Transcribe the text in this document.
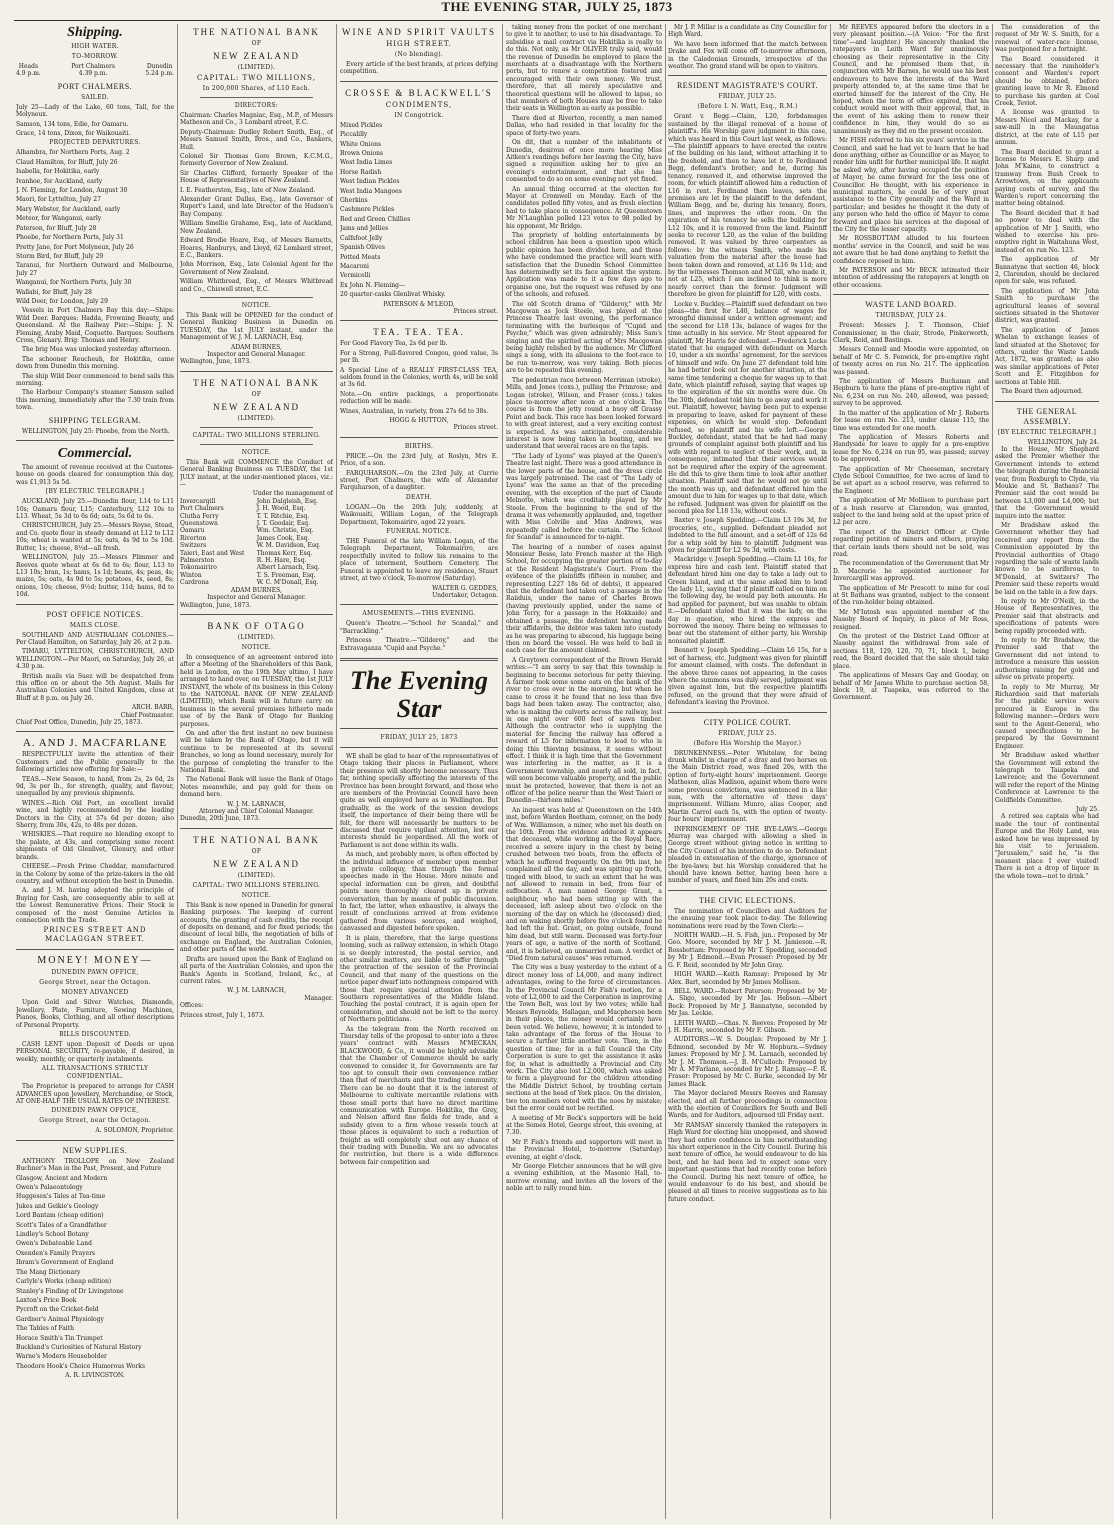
THE EVENING STAR, JULY 25, 1873
Shipping.
HIGH WATER.
TO-MORROW.
Heads
4.9 p.m.
Port Chalmers
4.39 p.m.
Dunedin
5.24 p.m.
PORT CHALMERS.
SAILED.
July 25—Lady of the Lake, 60 tons, Tall, for the Molyneux.
Samson, 134 tons, Edie, for Oamaru.
Grace, 14 tons, Dixon, for Waikouaiti.
PROJECTED DEPARTURES.
Alhambra, for Northern Ports, Aug. 2
Claud Hamilton, for Bluff, July 26
Isabella, for Hokitika, early
Ivanhoe, for Auckland, early
J. N. Fleming, for London, August 30
Maori, for Lyttelton, July 27
Mary Webster, for Auckland, early
Meteor, for Wanganui, early
Paterson, for Bluff, July 28
Phoebe, for Northern Ports, July 31
Pretty Jane, for Port Molyneux, July 26
Storm Bird, for Bluff, July 29
Taranui, for Northern Outward and Melbourne, July 27
Wanganui, for Northern Ports, July 30
Wallabi, for Bluff, July 28
Wild Deer, for London, July 29
Vessels in Port Chalmers Bay this day:—Ships: Wild Deer. Barques: Hadda, Frowning Beauty, and Queensland. At the Railway Pier:—Ships: J. N. Fleming, Araby Maid, Coquette. Barques: Southern Cross, Glenary. Brig: Thomas and Henry.
The brig Mea was unlocked yesterday afternoon.
The schooner Reucheuh, for Hokitika, came down from Dunedin this morning.
The ship Wild Deer commenced to bend sails this morning.
The Harbour Company's steamer Samson sailed this morning, immediately after the 7.30 train from town.
SHIPPING TELEGRAM.
WELLINGTON, July 25: Phoebe, from the North.
Commercial.
The amount of revenue received at the Customs-house on goods cleared for consumption this day, was £1,913 5s 5d.
[BY ELECTRIC TELEGRAPH.]
AUCKLAND, July 25.—Dunedin flour, L14 to L11 10s; Oamaru flour, L15; Canterbury, L12 10s to L13. Wheat, 5s 3d to 6s 6d; oats, 5s 6d to 6s.
CHRISTCHURCH, July 25.—Messrs Royse, Stead, and Co. quote flour in steady demand at L12 to L12 10s; wheat is wanted at 5s; oats, 4s 9d to 5s 10d. Butter, 1s; cheese, 8½d—all fresh.
WELLINGTON, July 25.—Messrs Plimmer and Reeves quote wheat at 6s 6d to 6s; flour, L13 to L13 10s; bran, 1s; hams, 1s 1d; beans, 4s; peas, 4s; maize, 5s; oats, 4s 9d to 5s; potatoes, 4s, seed, 8s; onions, 10s; cheese, 9½d; butter, 11d; hams, 8d to 10d.
POST OFFICE NOTICES.
MAILS CLOSE.
SOUTHLAND AND AUSTRALIAN COLONIES.—Per Claud Hamilton, on Saturday, July 26, at 2 p.m.
TIMARU, LYTTELTON, CHRISTCHURCH, AND WELLINGTON.—Per Maori, on Saturday, July 26, at 4.30 p.m.
British mails via Suez will be despatched from this office on or about the 5th August. Mails for Australian Colonies and United Kingdom, close at Bluff at 8 p.m. on July 26.
ARCH. BARR,
Chief Postmaster.
Chief Post Office, Dunedin, July 25, 1873.
A. AND J. MACFARLANE
RESPECTFULLY invite the attention of their Customers and the Public generally to the following articles now offering for Sale:—
TEAS.—New Season, to hand, from 2s, 2s 6d, 2s 9d, 3s per lb., for strength, quality, and flavour, unequalled by any previous shipments.
WINES.—Rich Old Port, an excellent invalid wine, and highly recommended by the leading Doctors in the City, at 57s 6d per dozen; also Sherry, from 30s, 42s, to 48s per dozen.
WHISKIES.—That require no blending except to the palate, at 43s, and comprising some recent shipments of Old Glenlivet, Glenury, and other brands.
CHEESE.—Fresh Prime Cheddar, manufactured in the Colony by some of the prize-takers in the old country, and without exception the best in Dunedin.
A. and J. M. having adopted the principle of Buying for Cash, are consequently able to sell at the Lowest Remunerative Prices. Their Stock is composed of the most Genuine Articles in connection with the Trade.
PRINCES STREET AND MACLAGGAN STREET.
MONEY! MONEY—
DUNEDIN PAWN OFFICE,
George Street, near the Octagon.
MONEY ADVANCED
Upon Gold and Silver Watches, Diamonds, Jewellery, Plate, Furniture, Sewing Machines, Pianos, Books, Clothing, and all other descriptions of Personal Property.
BILLS DISCOUNTED.
CASH LENT upon Deposit of Deeds or upon PERSONAL SECURITY, re-payable, if desired, in weekly, monthly, or quarterly instalments.
ALL TRANSACTIONS STRICTLY CONFIDENTIAL.
The Proprietor is prepared to arrange for CASH ADVANCES upon Jewellery, Merchandise, or Stock, AT ONE-HALF THE USUAL RATES OF INTEREST.
DUNEDIN PAWN OFFICE,
George Street, near the Octagon.
A. SOLOMON, Proprietor.
NEW SUPPLIES.
ANTHONY TROLLOPE on New Zealand Buchner's Man in the Past, Present, and Future
Glasgow, Ancient and Modern
Owen's Palaeontology
Huggesen's Tales at Tea-time
Jukes and Geikie's Geology
Lord Bantam (cheap edition)
Scott's Tales of a Grandfather
Lindley's School Botany
Owen's Debateable Land
Oxenden's Family Prayers
Ibram's Government of England
The Mang Dictionary
Carlyle's Works (cheap edition)
Stanley's Finding of Dr Livingstone
Laxton's Price Book
Pycroft on the Cricket-field
Gardner's Animal Physiology
The Tables of Faith
Horace Smith's Tin Trumpet
Buckland's Curiosities of Natural History
Warne's Modern Householder
Theodore Hook's Choice Humorous Works
A. R. LIVINGSTON.
THE NATIONAL BANK
OF
NEW ZEALAND
(LIMITED).
CAPITAL: TWO MILLIONS,
In 200,000 Shares, of L10 Each.
DIRECTORS:
Chairman: Charles Magniac, Esq., M.P., of Messrs Matheson and Co., 3 Lombard street, E.C.
Deputy-Chairman: Dudley Robert Smith, Esq., of Messrs Samuel Smith, Bros., and Co., Bankers, Hull.
Colonel Sir Thomas Gore Brown, K.C.M.G., formerly Governor of New Zealand.
Sir Charles Clifford, formerly Speaker of the House of Representatives of New Zealand.
I. E. Featherston, Esq., late of New Zealand.
Alexander Grant Dallas, Esq., late Governor of Rupert's Land, and late Director of the Hudson's Bay Company.
William Smellie Grahame, Esq., late of Auckland, New Zealand.
Edward Brodie Hoare, Esq., of Messrs Barnetts, Hoares, Hanburys, and Lloyd, 62 Lombard street, E.C., Bankers.
John Morrison, Esq., late Colonial Agent for the Government of New Zealand.
William Whitbread, Esq., of Messrs Whitbread and Co., Chiswell street, E.C.
NOTICE.
This Bank will be OPENED for the conduct of General Banking Business in Dunedin on TUESDAY, the 1st JULY instant, under the Management of W. J. M. LARNACH, Esq.
ADAM BURNES,
Inspector and General Manager.
Wellington, June, 1873.
THE NATIONAL BANK
OF
NEW ZEALAND
(LIMITED).
CAPITAL: TWO MILLIONS STERLING.
NOTICE.
This Bank will COMMENCE the Conduct of General Banking Business on TUESDAY, the 1st JULY instant, at the under-mentioned places, viz.:—
Under the management of
Invercargill	John Dalgleish, Esq.
Port Chalmers	J. H. Wood, Esq.
Clutha Ferry	T. T. Ritchie, Esq.
Queenstown	J. T. Goodair, Esq.
Oamaru	Wm. Christie, Esq.
Riverton	James Cook, Esq.
Switzers	W. M. Davidson, Esq.
Taieri, East and West	Thomas Kerr, Esq.
Palmerston	R. H. Hare, Esq.
Tokomairiro	Albert Larnach, Esq.
Winton	T. S. Freeman, Esq.
Cardrona	W. C. M'Donall, Esq.
ADAM BURNES,
Inspector and General Manager.
Wellington, June, 1873.
BANK OF OTAGO
(LIMITED).
NOTICE.
In consequence of an agreement entered into after a Meeting of the Shareholders of this Bank, held in London, on the 19th May ultimo, I have arranged to hand over, on TUESDAY, the 1st JULY INSTANT, the whole of its business in this Colony to the NATIONAL BANK OF NEW ZEALAND (LIMITED), which Bank will in future carry on business in the several premises hitherto made use of by the Bank of Otago for Banking purposes.
On and after the first instant no new business will be taken by the Bank of Otago, but it will continue to be represented at its several Branches, so long as found necessary, merely for the purpose of completing the transfer to the National Bank.
The National Bank will issue the Bank of Otago Notes meanwhile, and pay gold for them on demand here.
W. J. M. LARNACH,
Attorney and Chief Colonial Manager.
Dunedin, 20th June, 1873.
THE NATIONAL BANK
OF
NEW ZEALAND
(LIMITED).
CAPITAL: TWO MILLIONS STERLING.
NOTICE.
This Bank is now opened in Dunedin for general Banking purposes. The keeping of current accounts, the granting of cash credits, the receipt of deposits on demand, and for fixed periods; the discount of local bills, the negotiation of bills of exchange on England, the Australian Colonies, and other parts of the world.
Drafts are issued upon the Bank of England on all parts of the Australian Colonies, and upon the Bank's Agents in Scotland, Ireland, &c., at current rates.
W. J. M. LARNACH,
Manager.
Offices:
Princes street, July 1, 1873.
WINE AND SPIRIT VAULTS
HIGH STREET.
(No blending).
Every article of the best brands, at prices defying competition.
CROSSE & BLACKWELL'S
CONDIMENTS,
IN Congotrick.
Mixed Pickles
Piccalilly
White Onions
Brown Onions
West India Limes
Horse Radish
West Indian Pickles
West India Mangoes
Gherkins
Cashmere Pickles
Red and Green Chillies
Jams and Jellies
Calfsfoot Jelly
Spanish Olives
Potted Meats
Macaroni
Vermicelli
Ex John N. Fleming—
20 quarter-casks Glenlivat Whisky.
PATERSON & M'LEOD,
Princes street.
TEA. TEA. TEA.
For Good Flavory Tea, 2s 6d per lb.
For a Strong, Full-flavored Congou, good value, 3s per lb.
A Special Line of a REALLY FIRST-CLASS TEA, seldom found in the Colonies, worth 4s, will be sold at 3s 6d.
Note.—On entire packings, a proportionate reduction will be made.
Wines, Australian, in variety, from 27s 6d to 38s.
HOGG & HUTTON,
Princes street.
BIRTHS.
PRICE.—On the 23rd July, at Roslyn, Mrs E. Price, of a son.
FARQUHARSON.—On the 23rd July, at Currie street, Port Chalmers, the wife of Alexander Farquharson, of a daughter.
DEATH.
LOGAN.—On the 20th July, suddenly, at Waikouaiti, William Logan, of the Telegraph Department, Tokomairiro, aged 22 years.
FUNERAL NOTICE.
THE Funeral of the late William Logan, of the Telegraph Department, Tokomairiro, are respectfully invited to follow his remains to the place of interment, Southern Cemetery. The Funeral is appointed to leave my residence, Stuart street, at two o'clock, To-morrow (Saturday).
WALTER G. GEDDES,
Undertaker, Octagon.
AMUSEMENTS.—THIS EVENING.
Queen's Theatre.—"School for Scandal," and "Barrackling."
Princess Theatre.—"Gilderoy," and the Extravaganza "Cupid and Psyche."
The Evening Star
FRIDAY, JULY 25, 1873
WE shall be glad to hear of the representatives of Otago taking their places in Parliament, where their presence will shortly become necessary. Thus far, nothing specially affecting the interests of the Province has been brought forward, and those who are members of the Provincial Council have been quite as well employed here as in Wellington. But gradually, as the work of the session develops itself, the importance of their being there will be felt, for there will necessarily be matters to be discussed that require vigilant attention, lest our interests should be jeopardised. All the work of Parliament is not done within its walls.
As much, and probably more, is often effected by the individual influence of member upon member in private colloquy, than through the formal speeches made in the House. More minute and special information can be given, and doubtful points more thoroughly cleared up in private conversation, than by means of public discussion. In fact, the latter, when exhaustive, is always the result of conclusions arrived at from evidence gathered from various sources, and weighed, canvassed and digested before spoken.
It is plain, therefore, that the large questions looming, such as railway extension, in which Otago is so deeply interested, the postal service, and other similar matters, are liable to suffer through the protraction of the session of the Provincial Council, and that many of the questions on the notice paper dwarf into nothingness compared with those that require special attention from the Southern representatives of the Middle Island. Touching the postal contract, it is again open for consideration, and should not be left to the mercy of Northern politicians.
As the telegram from the North received on Thursday tells of the proposal to enter into a three years' contract with Messrs M'MECKAN, BLACKWOOD, & Co., it would be highly advisable that the Chamber of Commerce should be early convened to consider it, for Governments are far too apt to consult their own convenience rather than that of merchants and the trading community. There can be no doubt that it is the interest of Melbourne to cultivate mercantile relations with those small ports that have no direct maritime communication with Europe. Hokitika, the Grey, and Nelson afford fine fields for trade, and a subsidy given to a firm whose vessels touch at those places is equivalent to such a reduction of freight as will completely shut out any chance of their trading with Dunedin. We are no advocates for restriction, but there is a wide difference between fair competition and
taking money from the pocket of one merchant to give it to another, to use to his disadvantage. To subsidise a mail contract via Hokitika is really to do this. Not only, as Mr OLIVER truly said, would the revenue of Dunedin be employed to place the merchants at a disadvantage with the Northern ports, but to renew a competition fostered and encouraged with their own money. We trust, therefore, that all merely speculative and theoretical questions will be allowed to lapse, so that members of both Houses may be free to take their seats in Wellington as early as possible.
There died at Riverton, recently, a man named Dallas, who had resided in that locality for the space of forty-two years.
On dit, that a number of the inhabitants of Dunedin, desirous of once more hearing Miss Aitken's readings before her leaving the City, have signed a requisition asking her to give an evening's entertainment, and that she has consented to do so on some evening not yet fixed.
An annual thing occurred at the election for Mayor at Cromwell on Monday. Each of the candidates polled fifty votes, and as fresh election had to take place in consequence. At Queenstown Mr N'Laughlan polled 123 votes to 98 polled by his opponent, Mr Bridge.
The propriety of holding entertainments by school children has been a question upon which public opinion has been divided here, and those who have condemned the practice will learn with satisfaction that the Dunedin School Committee has determinedly set its face against the system. Application was made to it a few days ago to organise one, but the request was refused by one of the schools, and refused.
The old Scotch drama of "Gilderoy," with Mr Macgowan as Jock Steele, was played at the Princess Theatre last evening, the performance terminating with the burlesque of "Cupid and Psyche," which was given admirably; Miss Sam's singing and the spirited acting of Mrs Macgowan being highly relished by the audience. Mr Clifford sings a song, with its allusions to the foot-race to be run to-morrow, was very taking. Both pieces are to be repeated this evening.
The pedestrian race between Merriman (stroke), Mills, and Jones (coxs.), pulling the Primrose; and Logan (stroke), Wilson, and Fraser (coxs.) takes place to-morrow after noon at one o'clock. The course is from the jetty round a buoy off Grassy Point and back. This race has been looked forward to with great interest, and a very exciting contest is expected. As was anticipated, considerable interest is now being taken in boating, and we understand that several races are on the tapis.
"The Lady of Lyons" was played at the Queen's Theatre last night. There was a good attendance in the lower parts of the house, and the dress circle was largely patronised. The cast of "The Lady of Lyons" was the same as that of the preceding evening, with the exception of the part of Claude Melnotte, which was creditably played by Mr Steele. From the beginning to the end of the drama it was vehemently applauded, and, together with Miss Colville and Miss Andrews, was repeatedly called before the curtain. "The School for Scandal" is announced for to-night.
The hearing of a number of cases against Monsieur Besse, late French master at the High School, for occupying the greater portion of to-day at the Resident Magistrate's Court. From the evidence of the plaintiffs (fifteen in number, and representing L227 18s 6d of debts), it appeared that the defendant had taken out a passage in the Raiiduis, under the name of Charles Brown (having previously applied, under the name of John Terry, for a passage in the Hokkaido) and obtained a passage, the defendant having made their affidavits, the debtor was taken into custody as he was preparing to abscond, his luggage being then on board the vessel. He was held to bail in each case for the amount claimed.
A Greytown correspondent of the Brown Herald writes:—"I am sorry to say that this township is beginning to become notorious for petty thieving. A farmer took some some oats on the bank of the river to cross over in the morning, but when he came to cross it he found that no less than five bags had been taken away. The contractor, also, who is making the culverts across the railway, lost in one night over 600 feet of sawn timber. Although the contractor who is supplying the material for fencing the railway has offered a reward of L5 for information to lead to who is doing this thieving business, it seems without effect. I think it is high time that the Government was interfering in the matter, as it is a Government township, and nearly all sold, in fact, will soon become valuable property, and the public must be protected, however, that there is not an officer of the police nearer than the West Taieri or Dunedin—thirteen miles."
An inquest was held at Queenstown on the 14th inst, before Warden Beetham, coroner, on the body of Wm. Williamson, a miner, who met his death on the 10th. From the evidence adduced it appears that deceased, while working in the Royal Race, received a severe injury in the chest by being crushed between two boats, from the effects of which he suffered frequently. On the 9th inst, he complained all the day, and was spitting up froth, tinged with blood, to such an extent that he was not allowed to remain in bed, from fear of suffocation. A man named George Grant, a neighbour, who had been sitting up with the deceased, left asleep about two o'clock on the morning of the day on which he (deceased) died, and on waking shortly before five o'clock found he had left the hut. Grant, on going outside, found him dead, but still warm. Deceased was forty-four years of age, a native of the north of Scotland, and, it is believed, an unmarried man. A verdict of "Died from natural causes" was returned.
The City was a busy yesterday to the extent of a direct money loss of L4,000, and many indirect advantages, owing to the force of circumstances. In the Provincial Council Mr Fish's motion, for a vote of L2,000 to aid the Corporation in improving the Town Belt, was lost by two votes; while had Messrs Reynolds, Hallagan, and Macpherson been in their places, the money would certainly have been voted. We believe, however, it is intended to take advantage of the forms of the House to secure a further little another vote. Then, in the question of time; for in a full Council the City Corporation is sure to get the assistance it asks for, in what is admittedly a Provincial and City work. The City also lost L2,000, which was asked to form a playground for the children attending the Middle District School, by troubling certain sections at the head of York place. On the division, two ton members voted with the noes by mistake; but the error could not be rectified.
A meeting of Mr Beck's supporters will be held at the Somex Hotel, George street, this evening, at 7.30.
Mr P. Fish's friends and supporters will meet in the Provincial Hotel, to-morrow (Saturday) evening, at eight o'clock.
Mr George Fletcher announces that he will give a evening exhibition, at the Masonic Hall, to-morrow evening, and invites all the lovers of the noble art to rally round him.
Mr J. P. Millar is a candidate as City Councillor for High Ward.
We have been informed that the match between Drake and Fox will come off to-morrow afternoon, in the Caledonian Grounds, irrespective of the weather. The grand stand will be open to visitors.
RESIDENT MAGISTRATE'S COURT.
FRIDAY, JULY 25.
(Before I. N. Watt, Esq., R.M.)
Grant v. Begg.—Claim, L20, forbdamages sustained by the illegal removal of a house of plaintiff's. His Worship gave judgment in this case, which was heard in this Court last week, as follows:—The plaintiff appears to have erected the centre of the building on his land, without attaching it to the freehold, and then to have let it to Ferdinand Begg, defendant's brother; and he, during his tenancy, removed it, and otherwise improved the room, for which plaintiff allowed him a reduction of L16 in rent. Ferdinand then leaves, sets the premises are let by the plaintiff to the defendant, William Begg, and he, during his tenancy, floors, lines, and improves the other room. On the expiration of his tenancy he sells the building for L12 10s, and it is removed from the land. Plaintiff seeks to recover L20, as the value of the building removed. It was valued by three carpenters as follows: by the witness Smith, who made his valuation from the material after the house had been taken down and removed, at L16 9s 11d; and by the witnesses Thomson and M'Gill, who made it, not at L25, which I am inclined to think is more nearly correct than the former. Judgment will therefore be given for plaintiff for L20, with costs.
Locke v. Buckley.—Plaintiff sued defendant on two pleas—the first for L40, balance of wages for wrongful dismissal under a written agreement; and the second for L18 13s, balance of wages for the time actually in his service. Mr Stout appeared for plaintiff, Mr Harris for defendant.—Frederick Locke stated that he engaged with defendant on March 10, under a six months' agreement, for the services of himself and wife. On June 27 defendant told him he had better look out for another situation, at the same time tendering a cheque for wages up to that date, which plaintiff refused, saying that wages up to the expiration of the six months were due. On the 30th, defendant told him to go away and work it out. Plaintiff, however, having been put to expense in preparing to leave, asked for payment of these expenses, on which he would stop. Defendant refused, so plaintiff and his wife left.—George Buckley, defendant, stated that he had had many grounds of complaint against both plaintiff and his wife with regard to neglect of their work, and, in consequence, intimated that their services would not be required after the expiry of the agreement. He did this to give them time to look after another situation. Plaintiff said that he would not go until the month was up, and defendant offered him the amount due to him for wages up to that date, which he refused. Judgment was given for plaintiff on the second plea for L18 13s, without costs.
Baxter v. Joseph Spedding.—Claim L3 19s 3d, for groceries, etc., supplied. Defendant pleaded not indebted to the full amount, and a set-off of 12s 6d for a whip sold by him to plaintiff. Judgment was given for plaintiff for L2 9s 3d, with costs.
Mackridge v. Joseph Spedding.—Claim L1 16s, for express hire and cash lent. Plaintiff stated that defendant hired him one day to take a lady out to Green Island, and at the same asked him to lend the lady L1, saying that if plaintiff called on him on the following day, he would pay both amounts. He had applied for payment, but was unable to obtain it.—Defendant stated that it was the lady, on the day in question, who hired the express and borrowed the money. There being no witnesses to bear out the statement of either party, his Worship nonsuited plaintiff.
Bennett v. Joseph Spedding.—Claim L6 15s, for a set of harness, etc. Judgment was given for plaintiff for amount claimed, with costs. The defendant in the above three cases not appearing, in the cases where the summons was duly served, judgment was given against him, but the respective plaintiffs refused, on the ground that they were afraid of defendant's leaving the Province.
CITY POLICE COURT.
FRIDAY, JULY 25.
(Before His Worship the Mayor.)
DRUNKENNESS.—Peter Whitelaw, for being drunk whilst in charge of a dray and two horses on the Main District road, was fined 20s, with the option of forty-eight hours' imprisonment. George Matheson, alias Madison, against whom there were some previous convictions, was sentenced in a like sum, with the alternative of three days' imprisonment. William Munro, alias Cooper, and Martin Carrol each 5s, with the option of twenty-four hours' imprisonment.
INFRINGEMENT OF THE BYE-LAWS.—George Murray was charged with allowing a shed in George street without giving notice in writing to the City Council of his intention to do so. Defendant pleaded in extenuation of the charge, ignorance of the bye-laws; but his Worship considered that he should have known better, having been here a number of years, and fined him 20s and costs.
THE CIVIC ELECTIONS.
The nomination of Councillors and Auditors for the ensuing year took place to-day. The following nominations were read by the Town Clerk:—
NORTH WARD.—H. S. Fish, jun.: Proposed by Mr Geo. Moore, seconded by Mr J. M. Jamieson.—R. Rossbottam: Proposed by Mr T. Spedding, seconded by Mr J. Edmond.—Evan Prosser: Proposed by Mr G. F. Reid, seconded by Mr John Gray.
HIGH WARD.—Keith Ramsay: Proposed by Mr Alex. Bart, seconded by Mr James Mollison.
BELL WARD.—Robert Paterson: Proposed by Mr A. Sligo, seconded by Mr Jas. Hebson.—Albert Beck: Proposed by Mr J. Bannatyne, seconded by Mr Jas. Leckie.
LEITH WARD.—Chas. N. Reeves: Proposed by Mr J. H. Harris, seconded by Mr F. Gibson.
AUDITORS.—W. S. Douglas: Proposed by Mr J. Edmond, seconded by Mr W. Hepburn.—Sydney James: Proposed by Mr J. M. Larnach, seconded by Mr J. M. Thomson.—J. B. M'Culloch: Proposed by Mr A. M'Farlane, seconded by Mr J. Ramsay.—F. R. Fraser: Proposed by Mr C. Burke, seconded by Mr James Black.
The Mayor declared Messrs Reeves and Ramsay elected, and all further proceedings in connection with the election of Councillors for South and Bell Wards, and for Auditors, adjourned till Friday next.
Mr RAMSAY sincerely thanked the ratepayers in High Ward for electing him unopposed, and showed they had entire confidence in him notwithstanding his short experience in the City Council. During his next tenure of office, he would endeavour to do his best, and he had been led to expect some very important questions that had recently come before the Council. During his next tenure of office, he would endeavour to do his best, and should be pleased at all times to receive suggestions as to his future conduct.
Mr REEVES appeared before the electors in a very pleasant position.—(A Voice: "For the first time"—and laughter.) He sincerely thanked the ratepayers in Leith Ward for unanimously choosing as their representative in the City Council, and he promised them that, in conjunction with Mr Barnes, he would use his best endeavours to have the interests of the Ward properly attended to, at the same time that he exerted himself for the interest of the City. He hoped, when the term of office expired, that his conduct would meet with their approval, that, in the event of his asking them to renew their confidence in him, they would do so as unanimously as they did on the present occasion.
Mr FISH referred to his six years' service in the Council, and said he had yet to learn that he had done anything, either as Councillor or as Mayor, to render him unfit for further municipal life. It might be asked why, after having occupied the position of Mayor, he came forward for the less one of Councillor. He thought, with his experience in municipal matters, he could be of very great assistance to the City generally and the Ward in particular; and besides he thought it the duty of any person who held the office of Mayor to come forward and place his services at the disposal of the City for the lesser capacity.
Mr ROSSBOTTAM alluded to his fourteen months' service in the Council, and said he was not aware that he had done anything to forfeit the confidence reposed in him.
Mr PATERSON and Mr BECK intimated their intention of addressing the ratepayers at length on other occasions.
WASTE LAND BOARD.
THURSDAY, JULY 24.
Present: Messrs J. T. Thomson, Chief Commissioner, in the chair, Strode, Pinkerworth, Clark, Reid, and Bastings.
Messrs Connell and Moodie were appointed, on behalf of Mr C. S. Fenwick, for pre-emptive right of twenty acres on run No. 217. The application was passed.
The application of Messrs Buchanan and Hepburn to have the plans of pre-emptive right of No. 6,234 on run No. 240, allowed, was passed; survey to be approved.
In the matter of the application of Mr J. Roberts for lease on run No. 213, under clause 115, the time was extended for one month.
The application of Messrs Roberts and Handyside for leave to apply for a pre-emptive lease for No. 6,234 on run 95, was passed; survey to be approved.
The application of Mr Cheeseman, secretary Clyde School Committee, for two acres of land to be set apart as a school reserve, was referred to the Engineer.
The application of Mr Mollison to purchase part of a bush reserve at Clarendon, was granted, subject to the land being sold at the upset price of L2 per acre.
The report of the District Officer at Clyde regarding petition of miners and others, praying that certain lands there should not be sold, was read.
The recommendation of the Government that Mr D. Macrorie be appointed auctioneer for Invercargill was approved.
The application of Mr Prescott to mine for coal at St Bathans was granted, subject to the consent of the run-holder being obtained.
Mr M'Intosh was appointed member of the Nasoby Board of Inquiry, in place of Mr Ross, resigned.
On the protest of the District Land Officer at Nasoby against the withdrawal from sale of sections 118, 129, 120, 70, 71, block 1, being read, the Board decided that the sale should take place.
The applications of Messrs Gay and Gooday, on behalf of Mr James White to purchase section 58, block 19, at Tuapeka, was referred to the Government.
The consideration of the request of Mr W. S. Smith, for a renewal of water-race license, was postponed for a fortnight.
The Board considered it necessary that the rumholder's consent and Warden's report should be obtained, before granting leave to Mr R. Elmond to purchase his garden at Coal Creek, Teviot.
A license was granted to Messrs Nicol and Mackay, for a saw-mill in the Maungatua district, at the rate of L15 per annum.
The Board decided to grant a license to Messrs E. Sharp and John M'Kaine, to construct a tramway from Bush Creek to Arrowtown, on the applicants paying costs of survey, and the Warden's report concerning the matter being obtained.
The Board decided that it had no power to deal with the application of Mr J. Smith, who wished to exercise his pre-emptive right in Waitahuna West, instead of on run No. 123.
The application of Mr Bannatyne that section 46, block 2, Clarendon, should be declared open for sale, was refused.
The application of Mr John Smith to purchase the agricultural leases of several sections situated in the Shotover district, was granted.
The application of James Whelan to exchange leases of land situated at the Shotover, for others, under the Waste Lands Act, 1872, was granted; as also was similar applications of Peter Scott and E. Fitzgibbon for sections at Table Hill.
The Board then adjourned.
THE GENERAL ASSEMBLY.
[BY ELECTRIC TELEGRAPH.]
WELLINGTON, July 24.
In the House, Mr Shephard asked the Premier whether the Government intends to extend the telegraph during the financial year, from Roxburgh to Clyde, via Moukie and St. Bathans? The Premier said the cost would be between L3,000 and L4,000; but that the Government would inquire into the matter.
Mr Bradshaw asked the Government whether they had received any report from the Commission appointed by the Provincial authorities of Otago regarding the sale of waste lands known to be auriferous, to M'Donald, at Switzers? The Premier said these reports would be laid on the table in a few days.
In reply to Mr O'Neill, in the House of Representatives, the Premier said that abstracts and specifications of patents were being rapidly proceeded with.
In reply to Mr Bradshaw, the Premier said that the Government did not intend to introduce a measure this session authorising raising for gold and silver on private property.
In reply to Mr Murray, Mr Richardson said that materials for the public service were procured in Europe in the following manner:—Orders were sent to the Agent-General, who caused specifications to be prepared by the Government Engineer.
Mr Bradshaw asked whether the Government will extend the telegraph to Taiapeka and Lawrence; and the Government will refer the report of the Mining Conference at Lawrence to the Goldfields Committee.
July 25.
A retired sea captain who had made the tour of continental Europe and the Holy Land, was asked how he was impressed by his visit to Jerusalem. "Jerusalem," said he, "is the meanest place I ever visited! There is not a drop of liquor in the whole town—not to drink."
